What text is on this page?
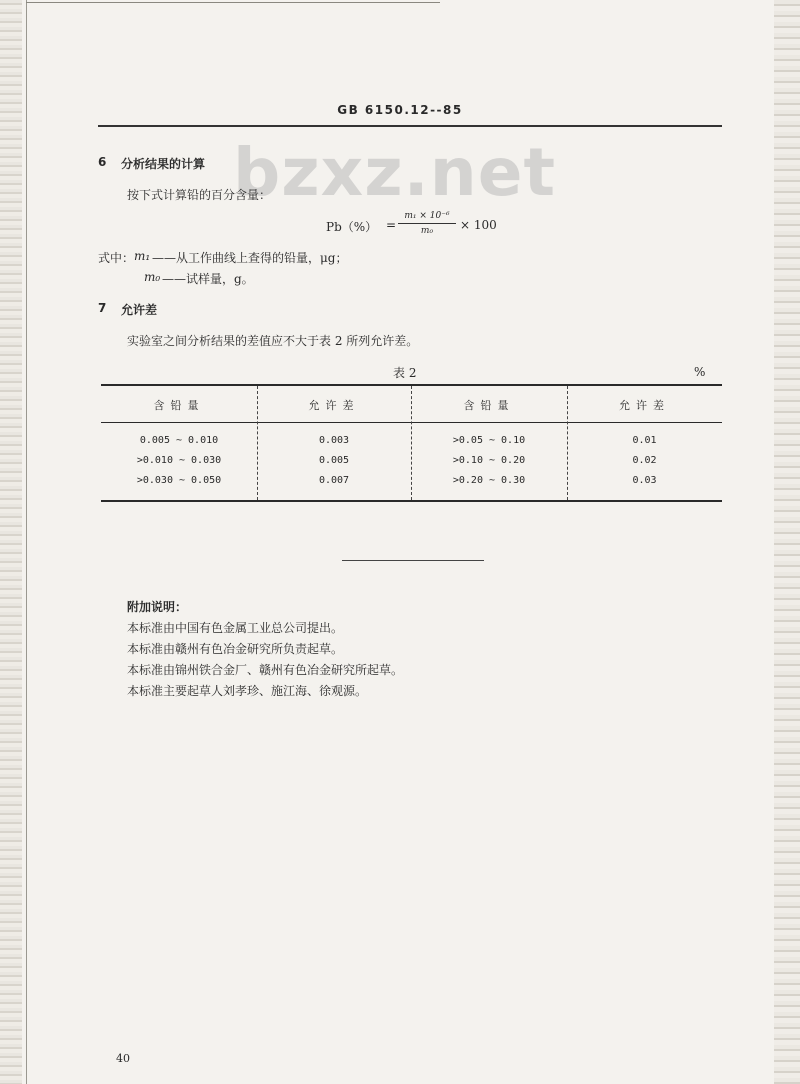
GB 6150.12--85
bzxz.net
6 分析结果的计算
按下式计算铅的百分含量：
Pb（%） =
m₁ × 10⁻⁶
m₀	× 100
式中： m₁ ——从工作曲线上查得的铅量，μg；
m₀ ——试样量，g。
7 允许差
实验室之间分析结果的差值应不大于表 2 所列允许差。
表 2	%
含铅量	允许差	含铅量	允许差
0.005 ~ 0.010	0.003	>0.05 ~ 0.10	0.01
>0.010 ~ 0.030	0.005	>0.10 ~ 0.20	0.02
>0.030 ~ 0.050	0.007	>0.20 ~ 0.30	0.03
附加说明：
本标准由中国有色金属工业总公司提出。
本标准由赣州有色冶金研究所负责起草。
本标准由锦州铁合金厂、赣州有色冶金研究所起草。
本标准主要起草人刘孝珍、施江海、徐观源。
40
